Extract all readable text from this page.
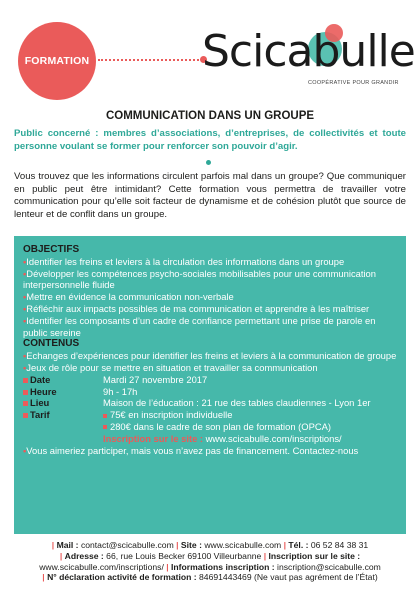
FORMATION	Scicabulle
COOPÉRATIVE POUR GRANDIR
COMMUNICATION DANS UN GROUPE
Public concerné : membres d’associations, d’entreprises, de collectivités et toute personne voulant se former pour renforcer son pouvoir d’agir.
Vous trouvez que les informations circulent parfois mal dans un groupe? Que communiquer en public peut être intimidant? Cette formation vous permettra de travailler votre communication pour qu’elle soit facteur de dynamisme et de cohésion plutôt que source de lenteur et de conflit dans un groupe.

OBJECTIFS

•Identifier les freins et leviers à la circulation des informations dans un groupe

•Développer les compétences psycho-sociales mobilisables pour une communication interpersonnelle fluide

•Mettre en évidence la communication non-verbale

•Réfléchir aux impacts possibles de ma communication et apprendre à les maîtriser

•Identifier les composants d’un cadre de confiance permettant une prise de parole en public sereine

CONTENUS

•Echanges d’expériences pour identifier les freins et leviers à la communication de groupe

•Jeux de rôle pour se mettre en situation et travailler sa communication

Date	Mardi 27 novembre 2017
Heure	9h - 17h
Lieu	Maison de l’éducation : 21 rue des tables claudiennes - Lyon 1er
Tarif	75€ en inscription individuelle
280€ dans le cadre de son plan de formation (OPCA)
Inscription sur le site : www.scicabulle.com/inscriptions/

•Vous aimeriez participer, mais vous n’avez pas de financement. Contactez-nous

| Mail : contact@scicabulle.com | Site : www.scicabulle.com | Tél. : 06 52 84 38 31
| Adresse : 66, rue Louis Becker 69100 Villeurbanne | Inscription sur le site : www.scicabulle.com/inscriptions/ | Informations inscription : inscription@scicabulle.com
| N° déclaration activité de formation : 84691443469 (Ne vaut pas agrément de l’État)
